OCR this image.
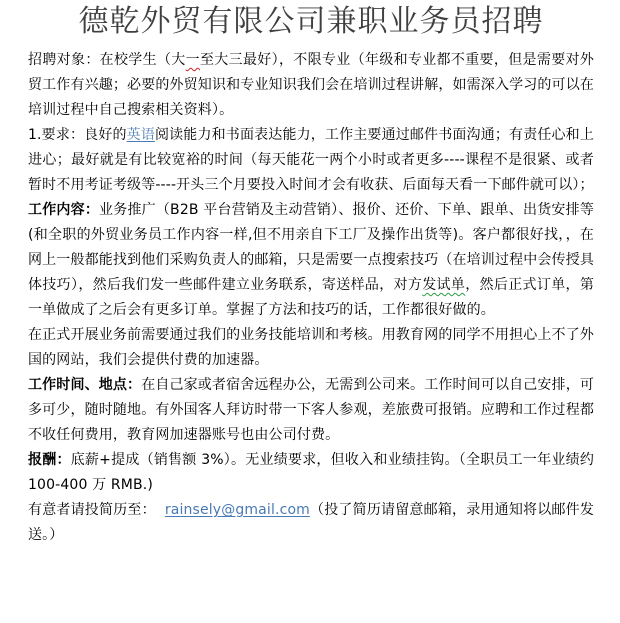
德乾外贸有限公司兼职业务员招聘

招聘对象：在校学生（大一至大三最好），不限专业（年级和专业都不重要，但是需要对外贸工作有兴趣；必要的外贸知识和专业知识我们会在培训过程讲解，如需深入学习的可以在培训过程中自己搜索相关资料）。

1.要求：良好的英语阅读能力和书面表达能力，工作主要通过邮件书面沟通；有责任心和上进心；最好就是有比较宽裕的时间（每天能花一两个小时或者更多----课程不是很紧、或者暂时不用考证考级等----开头三个月要投入时间才会有收获、后面每天看一下邮件就可以）；

工作内容：业务推广（B2B 平台营销及主动营销）、报价、还价、下单、跟单、出货安排等(和全职的外贸业务员工作内容一样,但不用亲自下工厂及操作出货等)。客户都很好找，，在网上一般都能找到他们采购负责人的邮箱，只是需要一点搜索技巧（在培训过程中会传授具体技巧），然后我们发一些邮件建立业务联系，寄送样品，对方发试单，然后正式订单，第一单做成了之后会有更多订单。掌握了方法和技巧的话，工作都很好做的。

在正式开展业务前需要通过我们的业务技能培训和考核。用教育网的同学不用担心上不了外国的网站，我们会提供付费的加速器。

工作时间、地点：在自己家或者宿舍远程办公，无需到公司来。工作时间可以自己安排，可多可少，随时随地。有外国客人拜访时带一下客人参观，差旅费可报销。应聘和工作过程都不收任何费用，教育网加速器账号也由公司付费。

报酬：底薪+提成（销售额 3%）。无业绩要求，但收入和业绩挂钩。（全职员工一年业绩约 100-400 万 RMB.)

有意者请投简历至： rainsely@gmail.com（投了简历请留意邮箱，录用通知将以邮件发送。）
